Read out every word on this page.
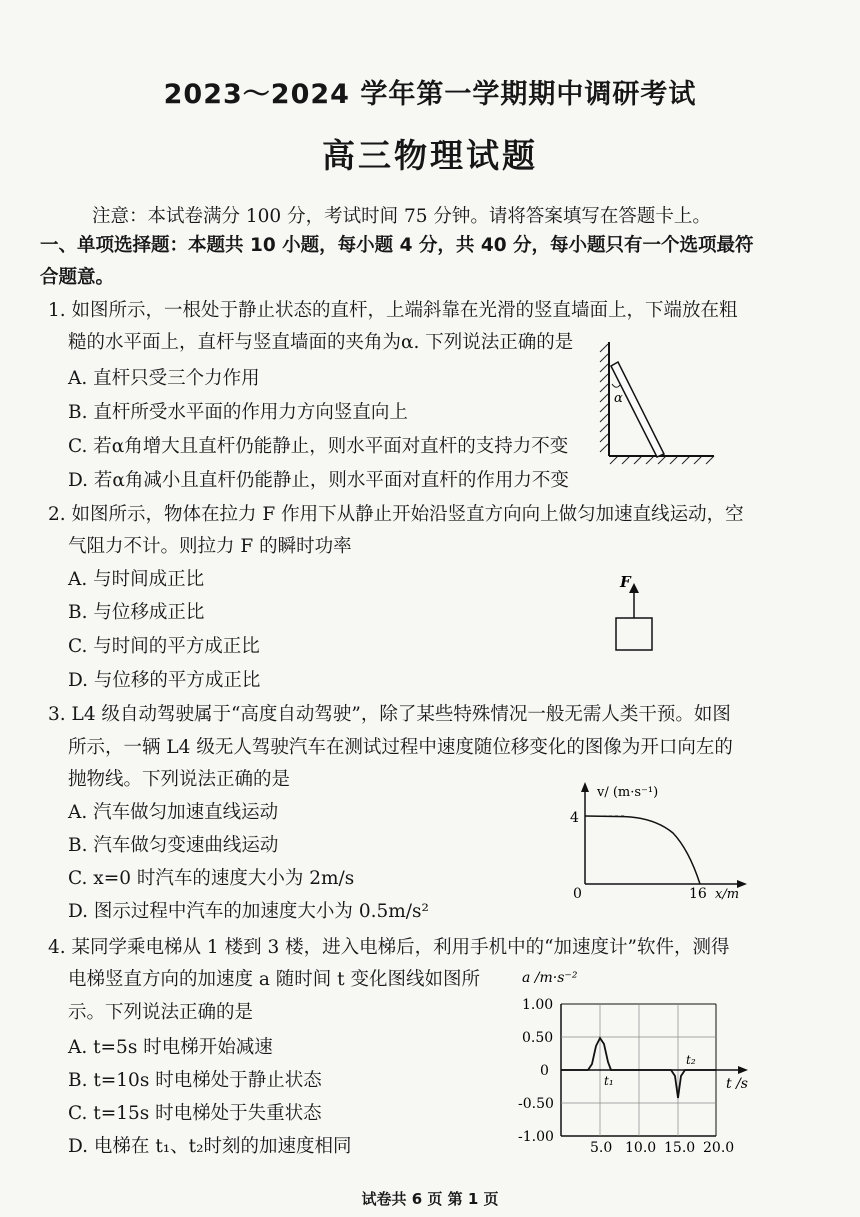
2023～2024 学年第一学期期中调研考试
高三物理试题
注意：本试卷满分 100 分，考试时间 75 分钟。请将答案填写在答题卡上。
一、单项选择题：本题共 10 小题，每小题 4 分，共 40 分，每小题只有一个选项最符
合题意。
1. 如图所示，一根处于静止状态的直杆，上端斜靠在光滑的竖直墙面上，下端放在粗
糙的水平面上，直杆与竖直墙面的夹角为α. 下列说法正确的是
A. 直杆只受三个力作用
B. 直杆所受水平面的作用力方向竖直向上
C. 若α角增大且直杆仍能静止，则水平面对直杆的支持力不变
D. 若α角减小且直杆仍能静止，则水平面对直杆的作用力不变
α
2. 如图所示，物体在拉力 F 作用下从静止开始沿竖直方向向上做匀加速直线运动，空
气阻力不计。则拉力 F 的瞬时功率
A. 与时间成正比
B. 与位移成正比
C. 与时间的平方成正比
D. 与位移的平方成正比
F
3. L4 级自动驾驶属于“高度自动驾驶”，除了某些特殊情况一般无需人类干预。如图
所示，一辆 L4 级无人驾驶汽车在测试过程中速度随位移变化的图像为开口向左的
抛物线。下列说法正确的是
A. 汽车做匀加速直线运动
B. 汽车做匀变速曲线运动
C. x=0 时汽车的速度大小为 2m/s
D. 图示过程中汽车的加速度大小为 0.5m/s²
v/ (m·s⁻¹)
4
0	16 x/m
4. 某同学乘电梯从 1 楼到 3 楼，进入电梯后，利用手机中的“加速度计”软件，测得
电梯竖直方向的加速度 a 随时间 t 变化图线如图所
示。下列说法正确的是
A. t=5s 时电梯开始减速
B. t=10s 时电梯处于静止状态
C. t=15s 时电梯处于失重状态
D. 电梯在 t₁、t₂时刻的加速度相同
a /m·s⁻²
1.00
0.50
0
-0.50
-1.00
5.0 10.0 15.0 20.0
t /s
t₁
t₂
试卷共 6 页 第 1 页
